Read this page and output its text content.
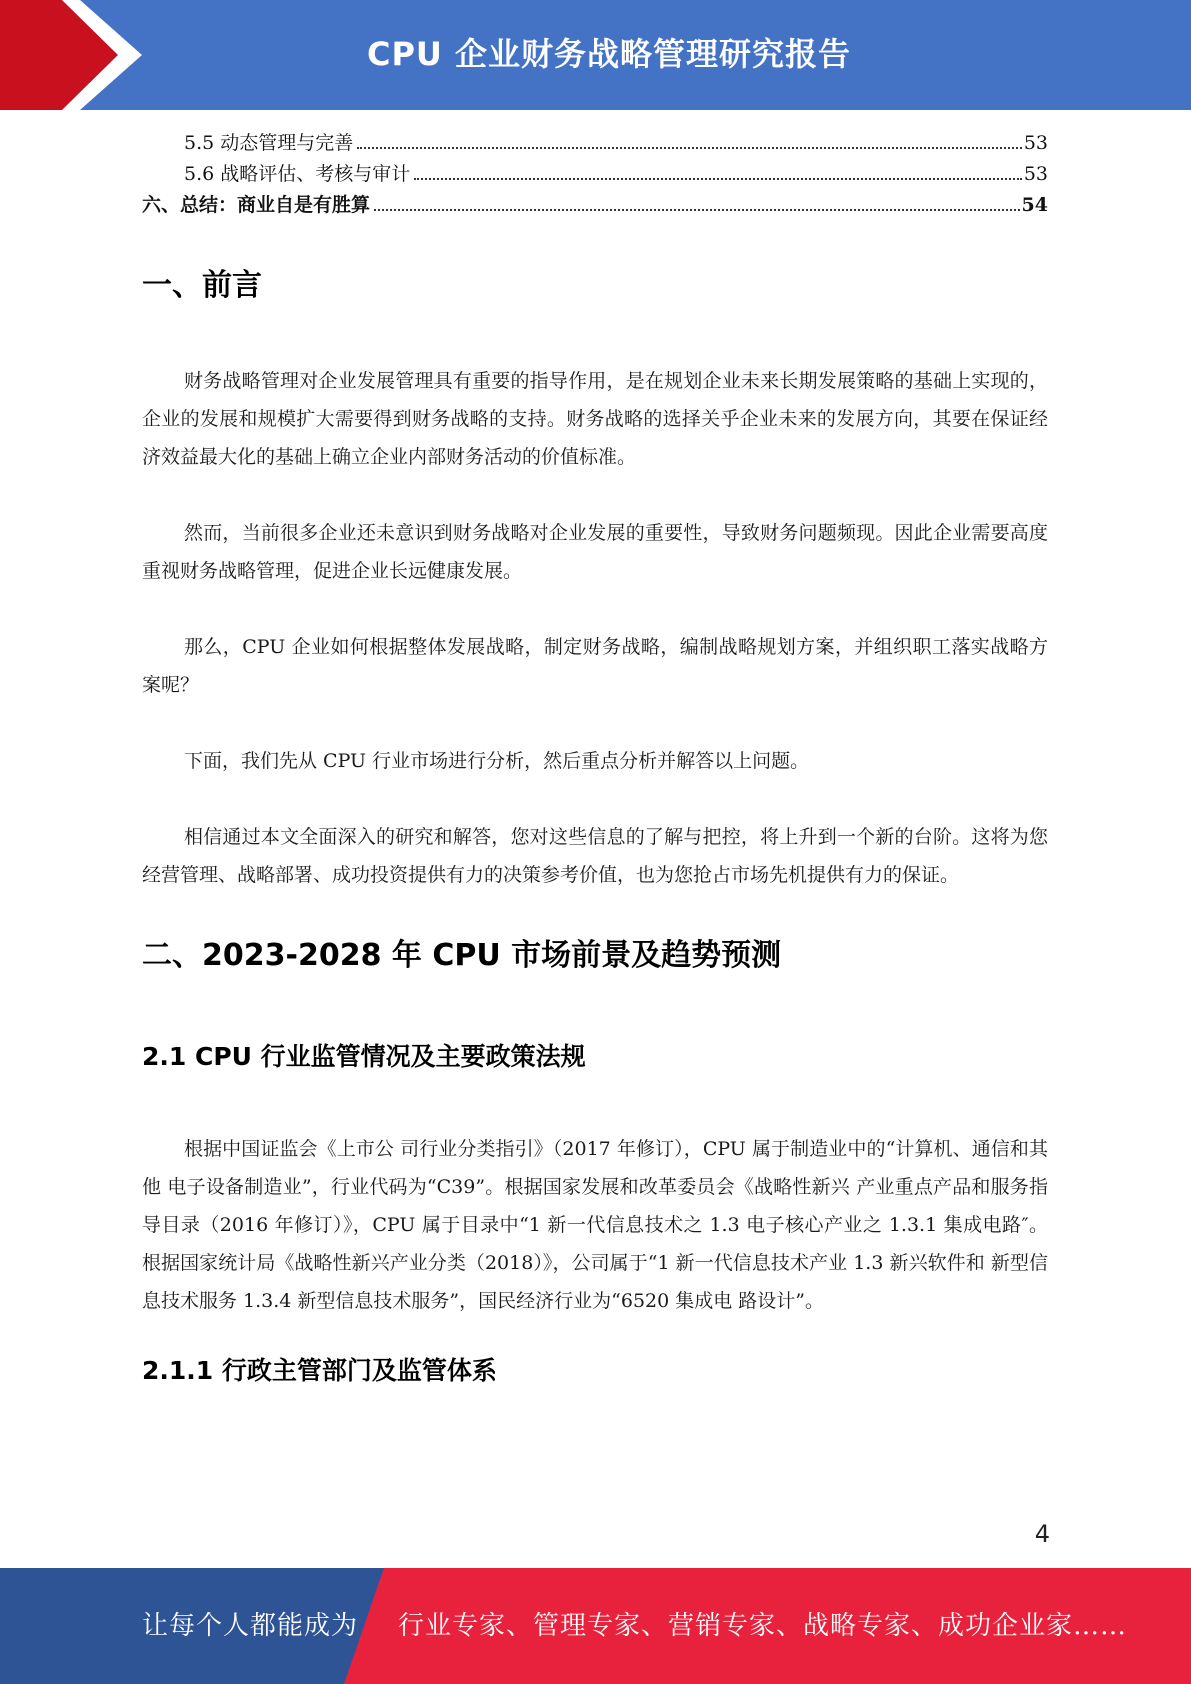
CPU 企业财务战略管理研究报告
5.5 动态管理与完善	53
5.6 战略评估、考核与审计	53
六、总结：商业自是有胜算	54
一、前言

财务战略管理对企业发展管理具有重要的指导作用，是在规划企业未来长期发展策略的基础上实现的，企业的发展和规模扩大需要得到财务战略的支持。财务战略的选择关乎企业未来的发展方向，其要在保证经济效益最大化的基础上确立企业内部财务活动的价值标准。

然而，当前很多企业还未意识到财务战略对企业发展的重要性，导致财务问题频现。因此企业需要高度重视财务战略管理，促进企业长远健康发展。

那么，CPU 企业如何根据整体发展战略，制定财务战略，编制战略规划方案，并组织职工落实战略方案呢？

下面，我们先从 CPU 行业市场进行分析，然后重点分析并解答以上问题。

相信通过本文全面深入的研究和解答，您对这些信息的了解与把控，将上升到一个新的台阶。这将为您经营管理、战略部署、成功投资提供有力的决策参考价值，也为您抢占市场先机提供有力的保证。

二、2023-2028 年 CPU 市场前景及趋势预测
2.1 CPU 行业监管情况及主要政策法规

根据中国证监会《上市公 司行业分类指引》（2017 年修订），CPU 属于制造业中的“计算机、通信和其他 电子设备制造业”，行业代码为“C39”。根据国家发展和改革委员会《战略性新兴 产业重点产品和服务指导目录（2016 年修订）》，CPU 属于目录中“1 新一代信息技术之 1.3 电子核心产业之 1.3.1 集成电路″。根据国家统计局《战略性新兴产业分类（2018）》，公司属于“1 新一代信息技术产业 1.3 新兴软件和 新型信息技术服务 1.3.4 新型信息技术服务”，国民经济行业为“6520 集成电 路设计”。

2.1.1 行政主管部门及监管体系
4
让每个人都能成为 行业专家、管理专家、营销专家、战略专家、成功企业家……
